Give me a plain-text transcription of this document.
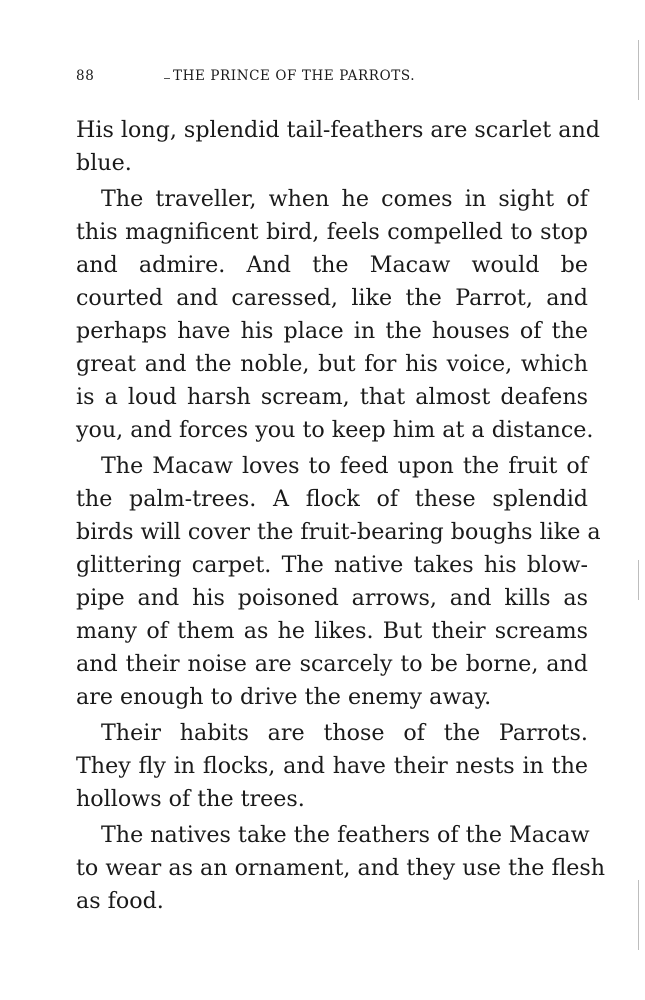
88	THE PRINCE OF THE PARROTS.
His long, splendid tail-feathers are scarlet and
blue.
The traveller, when he comes in sight of
this magnificent bird, feels compelled to stop
and admire. And the Macaw would be
courted and caressed, like the Parrot, and
perhaps have his place in the houses of the
great and the noble, but for his voice, which
is a loud harsh scream, that almost deafens
you, and forces you to keep him at a distance.
The Macaw loves to feed upon the fruit of
the palm-trees. A flock of these splendid
birds will cover the fruit-bearing boughs like a
glittering carpet. The native takes his blow-
pipe and his poisoned arrows, and kills as
many of them as he likes. But their screams
and their noise are scarcely to be borne, and
are enough to drive the enemy away.
Their habits are those of the Parrots.
They fly in flocks, and have their nests in the
hollows of the trees.
The natives take the feathers of the Macaw
to wear as an ornament, and they use the flesh
as food.
